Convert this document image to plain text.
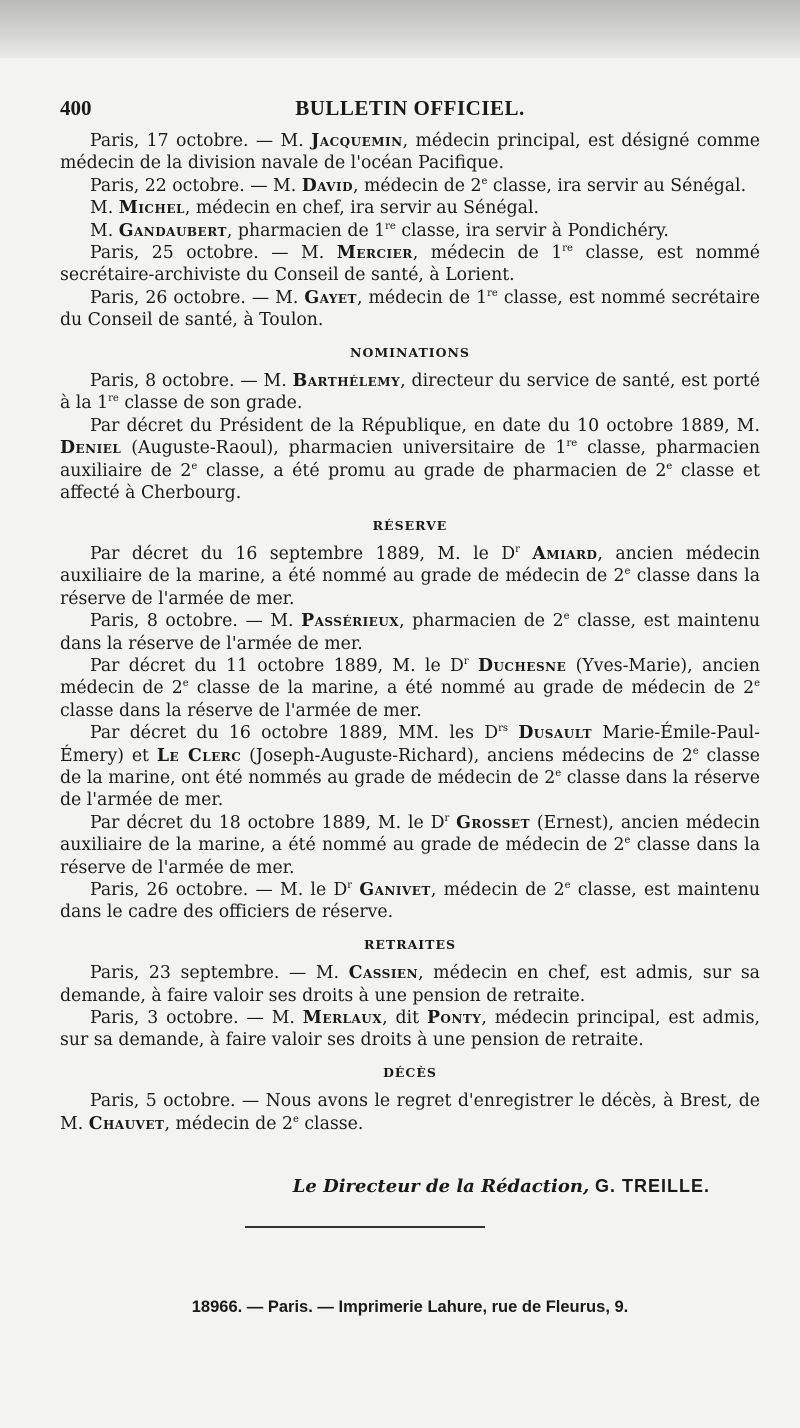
400	BULLETIN OFFICIEL.

Paris, 17 octobre. — M. Jacquemin, médecin principal, est désigné comme médecin de la division navale de l'océan Pacifique.

Paris, 22 octobre. — M. David, médecin de 2e classe, ira servir au Sénégal.

M. Michel, médecin en chef, ira servir au Sénégal.

M. Gandaubert, pharmacien de 1re classe, ira servir à Pondichéry.

Paris, 25 octobre. — M. Mercier, médecin de 1re classe, est nommé secrétaire-archiviste du Conseil de santé, à Lorient.

Paris, 26 octobre. — M. Gayet, médecin de 1re classe, est nommé secrétaire du Conseil de santé, à Toulon.

NOMINATIONS

Paris, 8 octobre. — M. Barthélemy, directeur du service de santé, est porté à la 1re classe de son grade.

Par décret du Président de la République, en date du 10 octobre 1889, M. Deniel (Auguste-Raoul), pharmacien universitaire de 1re classe, pharmacien auxiliaire de 2e classe, a été promu au grade de pharmacien de 2e classe et affecté à Cherbourg.

RÉSERVE

Par décret du 16 septembre 1889, M. le $D^r$ Amiard, ancien médecin auxiliaire de la marine, a été nommé au grade de médecin de 2e classe dans la réserve de l'armée de mer.

Paris, 8 octobre. — M. Passérieux, pharmacien de 2e classe, est maintenu dans la réserve de l'armée de mer.

Par décret du 11 octobre 1889, M. le $D^r$ Duchesne (Yves-Marie), ancien médecin de 2e classe de la marine, a été nommé au grade de médecin de 2e classe dans la réserve de l'armée de mer.

Par décret du 16 octobre 1889, MM. les $D^{rs}$ Dusault Marie-Émile-Paul-Émery) et Le Clerc (Joseph-Auguste-Richard), anciens médecins de 2e classe de la marine, ont été nommés au grade de médecin de 2e classe dans la réserve de l'armée de mer.

Par décret du 18 octobre 1889, M. le $D^r$ Grosset (Ernest), ancien médecin auxiliaire de la marine, a été nommé au grade de médecin de 2e classe dans la réserve de l'armée de mer.

Paris, 26 octobre. — M. le $D^r$ Ganivet, médecin de 2e classe, est maintenu dans le cadre des officiers de réserve.

RETRAITES

Paris, 23 septembre. — M. Cassien, médecin en chef, est admis, sur sa demande, à faire valoir ses droits à une pension de retraite.

Paris, 3 octobre. — M. Merlaux, dit Ponty, médecin principal, est admis, sur sa demande, à faire valoir ses droits à une pension de retraite.

DÉCÈS

Paris, 5 octobre. — Nous avons le regret d'enregistrer le décès, à Brest, de M. Chauvet, médecin de 2e classe.

Le Directeur de la Rédaction, G. TREILLE.
18966. — Paris. — Imprimerie Lahure, rue de Fleurus, 9.
